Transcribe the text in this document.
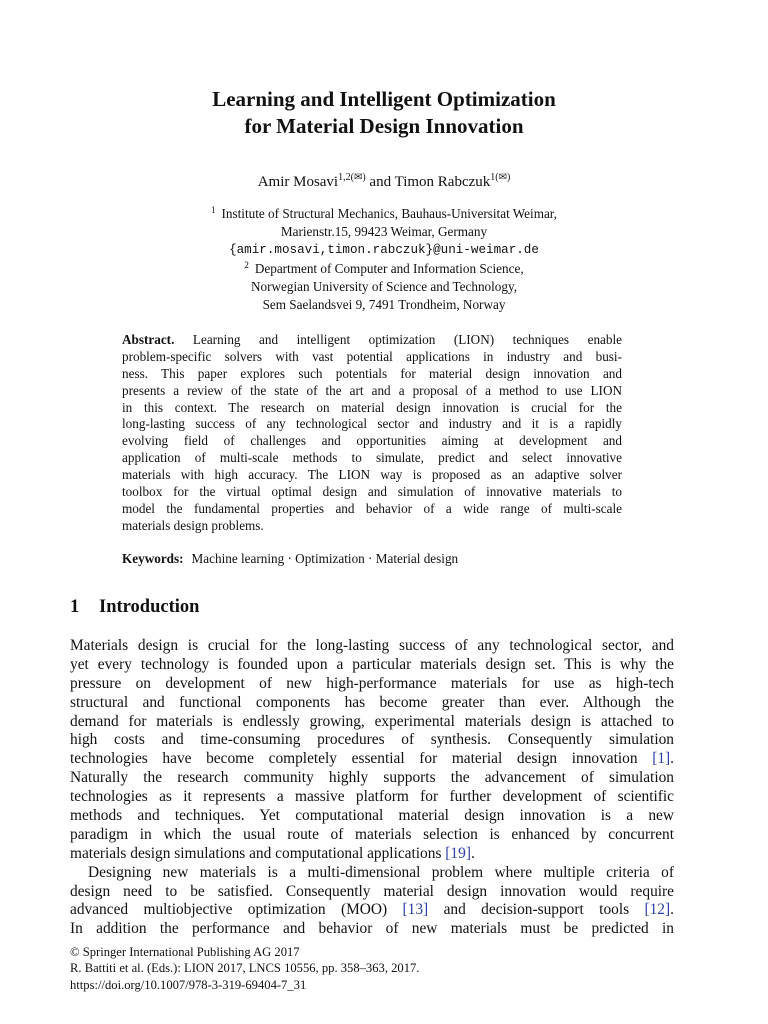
Learning and Intelligent Optimization
for Material Design Innovation
Amir Mosavi$^{1,2(✉)}$ and Timon Rabczuk$^{1(✉)}$
$^1$ Institute of Structural Mechanics, Bauhaus-Universitat Weimar,
Marienstr.15, 99423 Weimar, Germany
{amir.mosavi,timon.rabczuk}@uni-weimar.de
$^2$ Department of Computer and Information Science,
Norwegian University of Science and Technology,
Sem Saelandsvei 9, 7491 Trondheim, Norway
Abstract. Learning and intelligent optimization (LION) techniques enable
problem-specific solvers with vast potential applications in industry and busi-
ness. This paper explores such potentials for material design innovation and
presents a review of the state of the art and a proposal of a method to use LION
in this context. The research on material design innovation is crucial for the
long-lasting success of any technological sector and industry and it is a rapidly
evolving field of challenges and opportunities aiming at development and
application of multi-scale methods to simulate, predict and select innovative
materials with high accuracy. The LION way is proposed as an adaptive solver
toolbox for the virtual optimal design and simulation of innovative materials to
model the fundamental properties and behavior of a wide range of multi-scale
materials design problems.
Keywords: Machine learning · Optimization · Material design
1 Introduction
Materials design is crucial for the long-lasting success of any technological sector, and
yet every technology is founded upon a particular materials design set. This is why the
pressure on development of new high-performance materials for use as high-tech
structural and functional components has become greater than ever. Although the
demand for materials is endlessly growing, experimental materials design is attached to
high costs and time-consuming procedures of synthesis. Consequently simulation
technologies have become completely essential for material design innovation [1].
Naturally the research community highly supports the advancement of simulation
technologies as it represents a massive platform for further development of scientific
methods and techniques. Yet computational material design innovation is a new
paradigm in which the usual route of materials selection is enhanced by concurrent
materials design simulations and computational applications [19].
Designing new materials is a multi-dimensional problem where multiple criteria of
design need to be satisfied. Consequently material design innovation would require
advanced multiobjective optimization (MOO) [13] and decision-support tools [12].
In addition the performance and behavior of new materials must be predicted in
© Springer International Publishing AG 2017
R. Battiti et al. (Eds.): LION 2017, LNCS 10556, pp. 358–363, 2017.
https://doi.org/10.1007/978-3-319-69404-7_31
